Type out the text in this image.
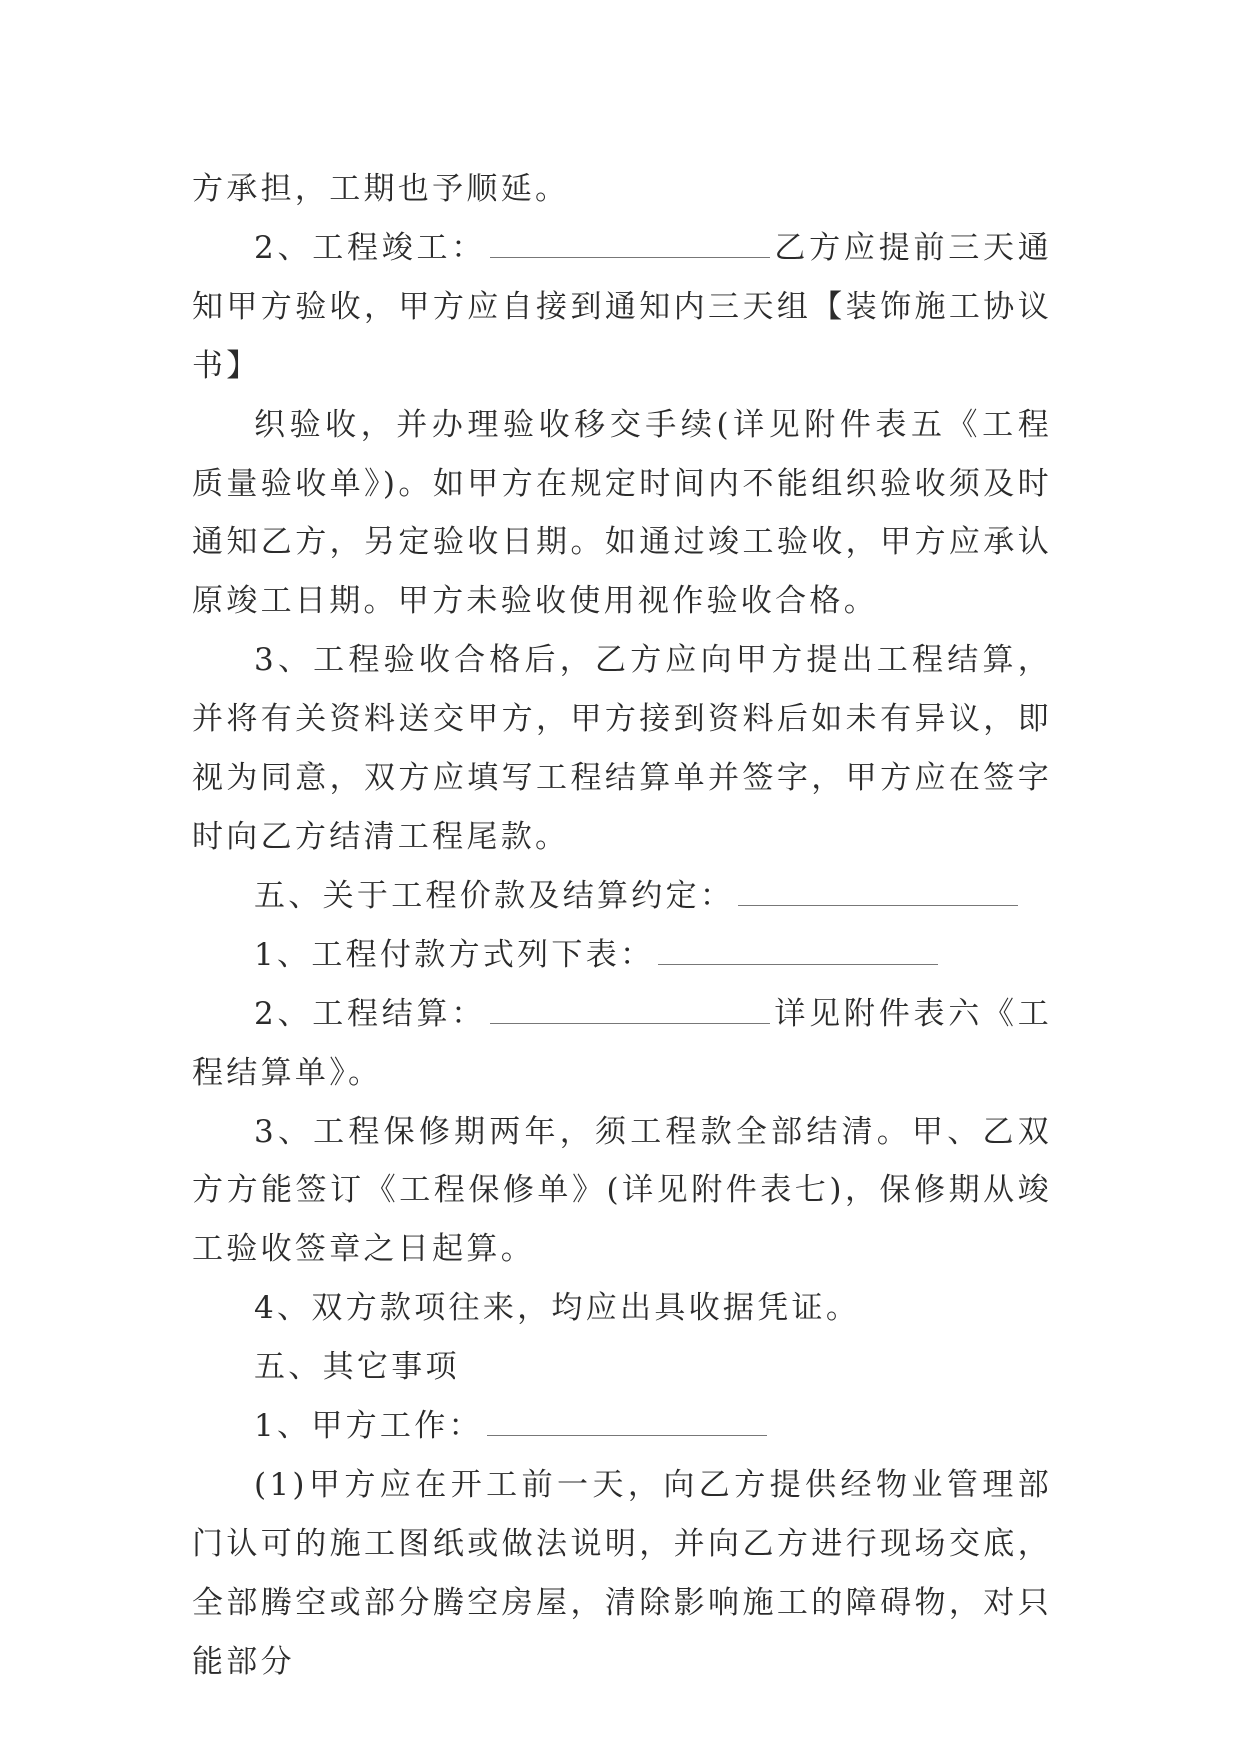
方承担，工期也予顺延。

2、工程竣工：	乙方应提前三天通知甲方验收，甲方应自接到通知内三天组【装饰施工协议书】

织验收，并办理验收移交手续(详见附件表五《工程质量验收单》)。如甲方在规定时间内不能组织验收须及时通知乙方，另定验收日期。如通过竣工验收，甲方应承认原竣工日期。甲方未验收使用视作验收合格。

3、工程验收合格后，乙方应向甲方提出工程结算，并将有关资料送交甲方，甲方接到资料后如未有异议，即视为同意，双方应填写工程结算单并签字，甲方应在签字时向乙方结清工程尾款。

五、关于工程价款及结算约定：

1、工程付款方式列下表：

2、工程结算：	详见附件表六《工程结算单》。

3、工程保修期两年，须工程款全部结清。甲、乙双方方能签订《工程保修单》(详见附件表七)，保修期从竣工验收签章之日起算。

4、双方款项往来，均应出具收据凭证。

五、其它事项

1、甲方工作：

(1)甲方应在开工前一天，向乙方提供经物业管理部门认可的施工图纸或做法说明，并向乙方进行现场交底，全部腾空或部分腾空房屋，清除影响施工的障碍物，对只能部分
